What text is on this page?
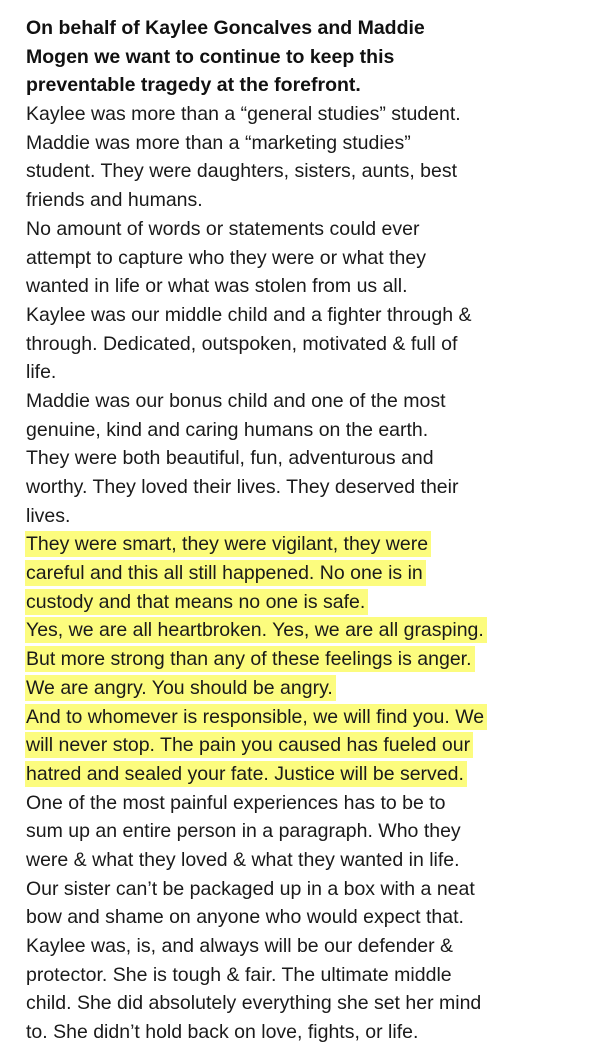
On behalf of Kaylee Goncalves and Maddie
Mogen we want to continue to keep this
preventable tragedy at the forefront.
Kaylee was more than a “general studies” student.
Maddie was more than a “marketing studies”
student. They were daughters, sisters, aunts, best
friends and humans.
No amount of words or statements could ever
attempt to capture who they were or what they
wanted in life or what was stolen from us all.
Kaylee was our middle child and a fighter through &
through. Dedicated, outspoken, motivated & full of
life.
Maddie was our bonus child and one of the most
genuine, kind and caring humans on the earth.
They were both beautiful, fun, adventurous and
worthy. They loved their lives. They deserved their
lives.
They were smart, they were vigilant, they were
careful and this all still happened. No one is in
custody and that means no one is safe.
Yes, we are all heartbroken. Yes, we are all grasping.
But more strong than any of these feelings is anger.
We are angry. You should be angry.
And to whomever is responsible, we will find you. We
will never stop. The pain you caused has fueled our
hatred and sealed your fate. Justice will be served.
One of the most painful experiences has to be to
sum up an entire person in a paragraph. Who they
were & what they loved & what they wanted in life.
Our sister can’t be packaged up in a box with a neat
bow and shame on anyone who would expect that.
Kaylee was, is, and always will be our defender &
protector. She is tough & fair. The ultimate middle
child. She did absolutely everything she set her mind
to. She didn’t hold back on love, fights, or life.
